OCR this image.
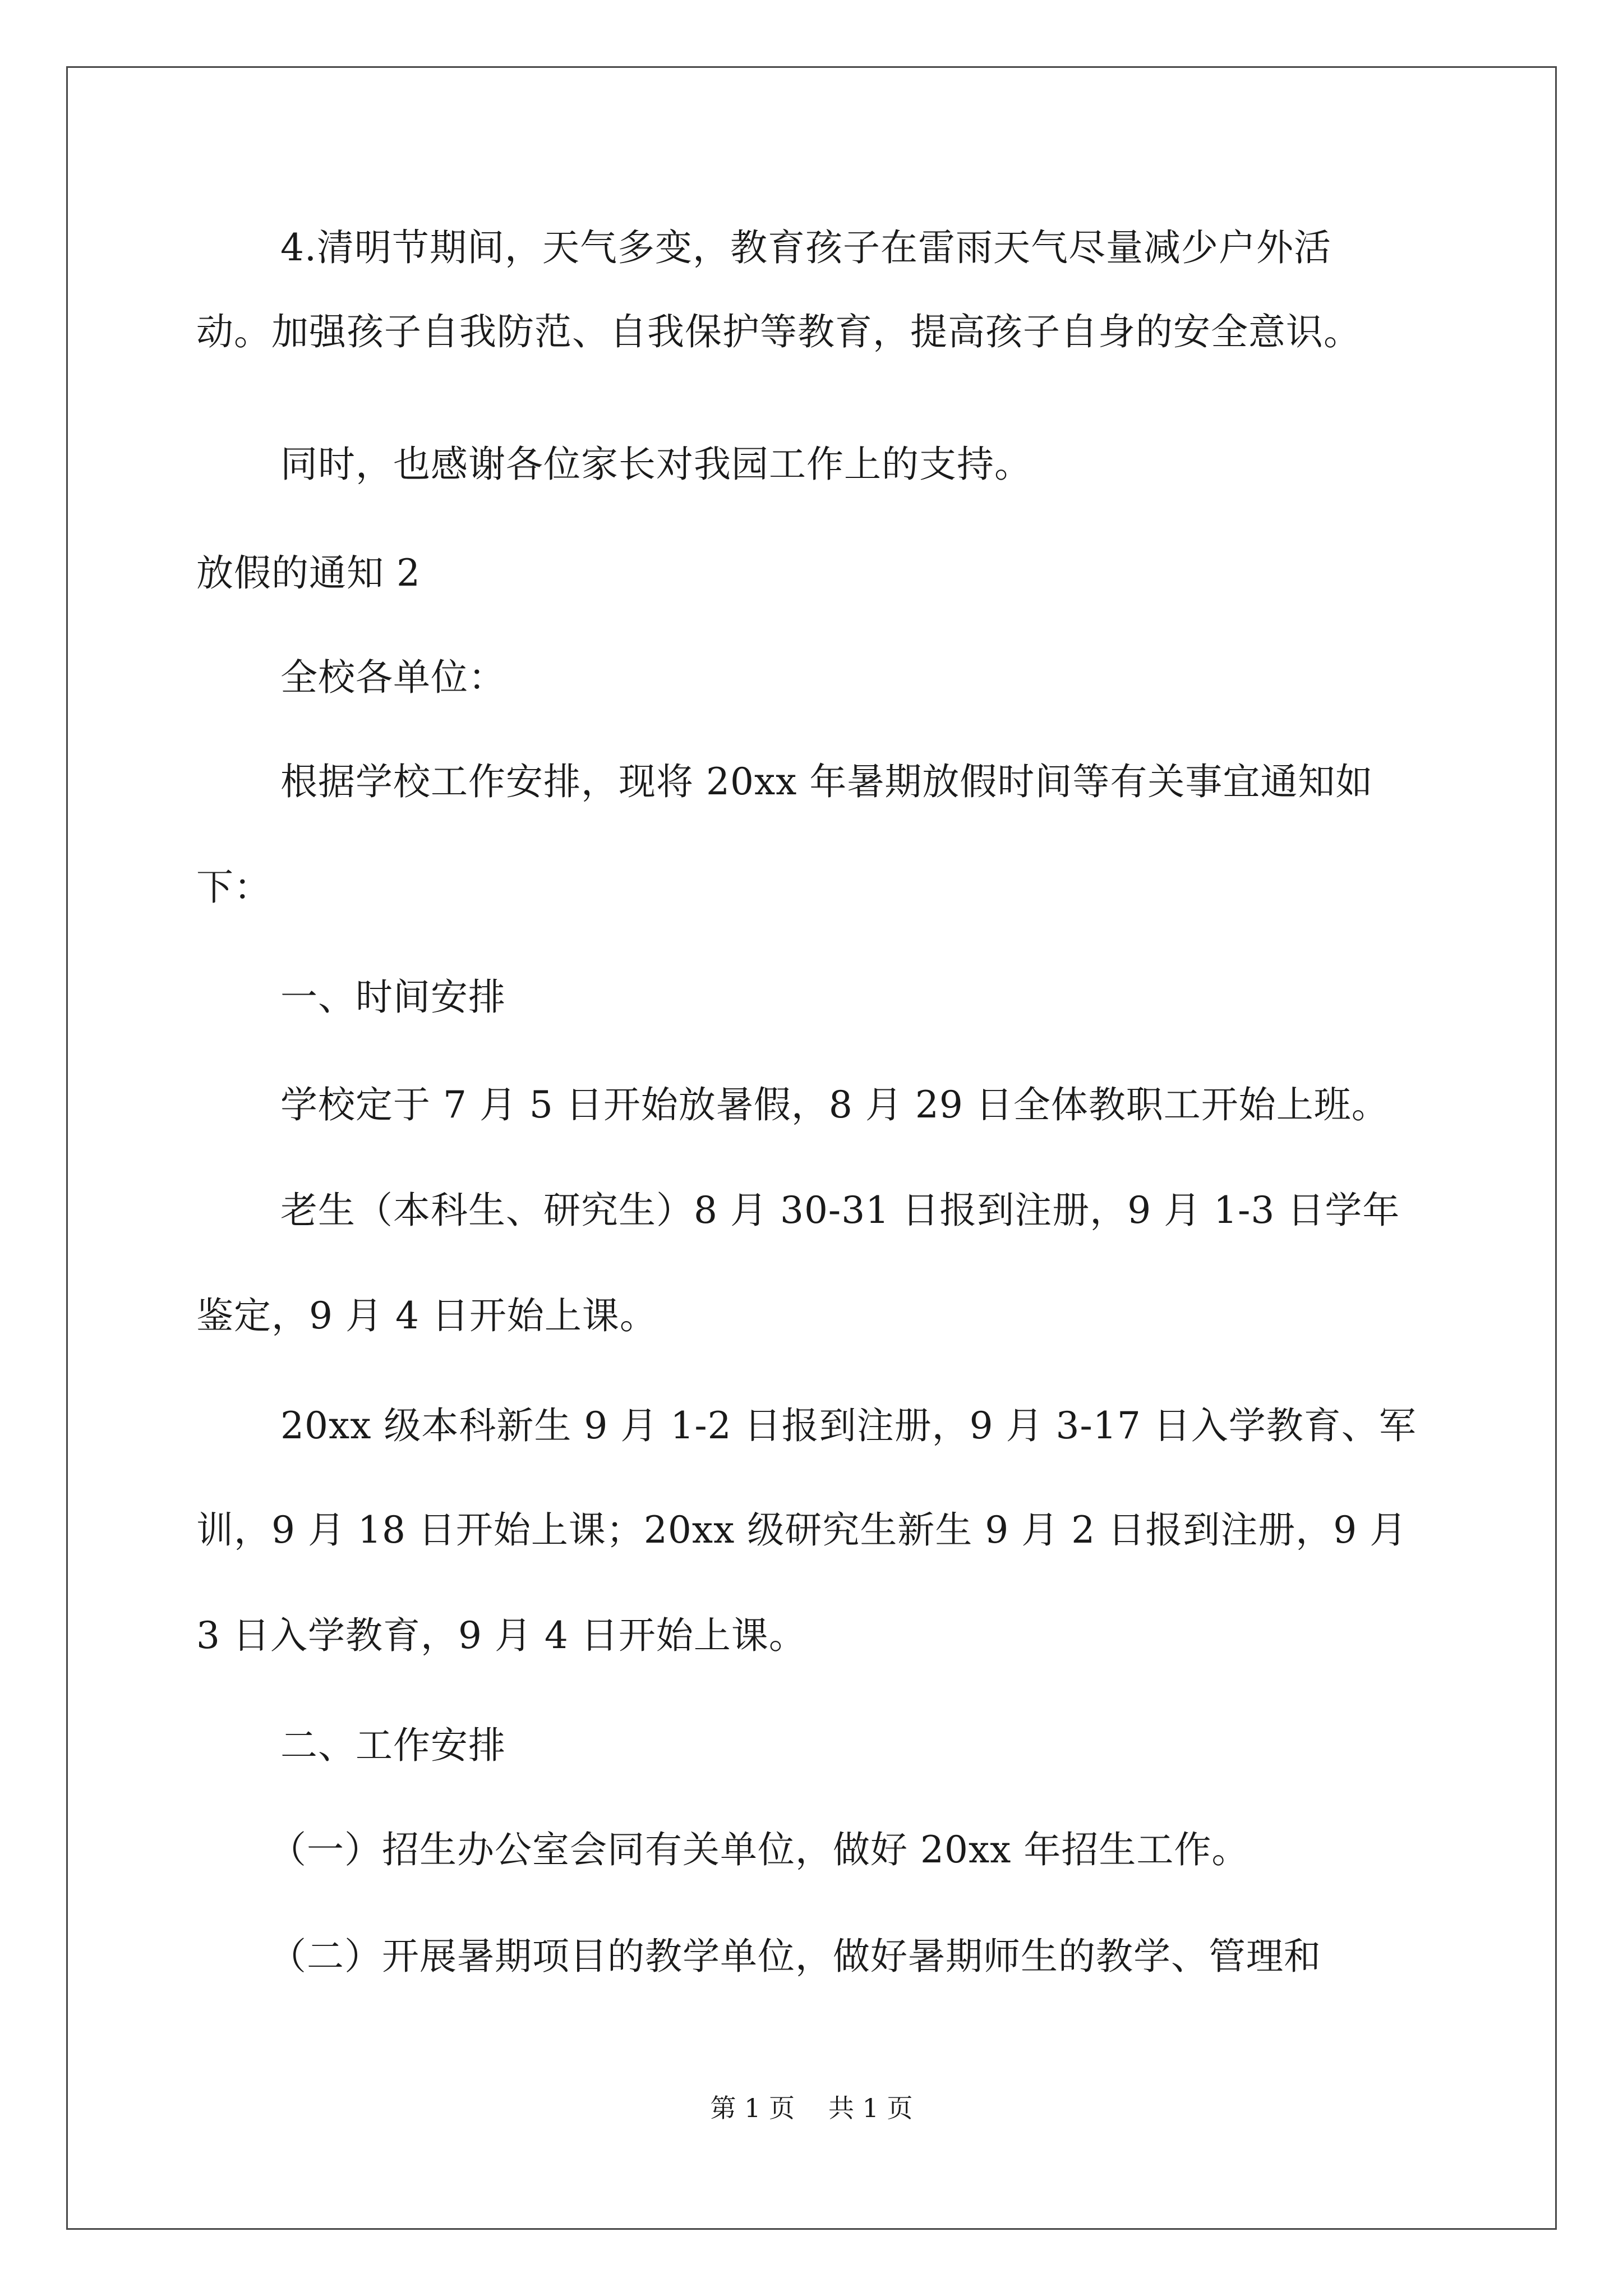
4.清明节期间，天气多变，教育孩子在雷雨天气尽量减少户外活
动。加强孩子自我防范、自我保护等教育，提高孩子自身的安全意识。
同时，也感谢各位家长对我园工作上的支持。
放假的通知 2
全校各单位：
根据学校工作安排，现将 20xx 年暑期放假时间等有关事宜通知如
下：
一、时间安排
学校定于 7 月 5 日开始放暑假，8 月 29 日全体教职工开始上班。
老生（本科生、研究生）8 月 30-31 日报到注册，9 月 1-3 日学年
鉴定，9 月 4 日开始上课。
20xx 级本科新生 9 月 1-2 日报到注册，9 月 3-17 日入学教育、军
训，9 月 18 日开始上课；20xx 级研究生新生 9 月 2 日报到注册，9 月
3 日入学教育，9 月 4 日开始上课。
二、工作安排
（一）招生办公室会同有关单位，做好 20xx 年招生工作。
（二）开展暑期项目的教学单位，做好暑期师生的教学、管理和
第 1 页 共 1 页
